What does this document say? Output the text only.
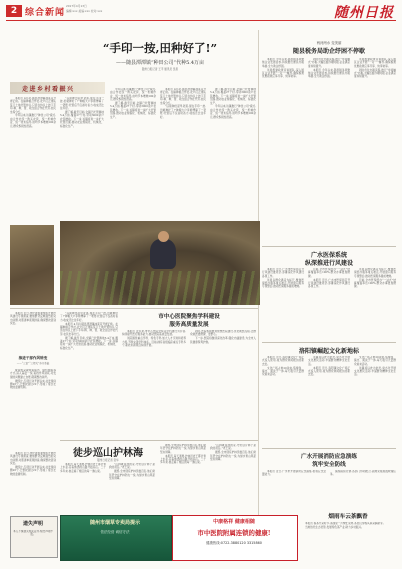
2 综合新闻
2017年4月13日
编辑:xxx 美编:xxx 校对:xxx	随州日报
“手印一按,田种好了!”
——随县潭潭镇“种田公司”代种5.4万亩
随州日报记者 王平 通讯员 吴思
走进乡村看振兴

本报讯 4月初,随县潭潭镇油菜花开得正艳。在镇种植合作社,农户们正排队签订土地托管协议,只需在协议上按下手印,耕、种、管、收全由合作社代劳,农民坐等分红。

今年以来,该镇推行“种田公司”模式,由合作社统一购买农资、统一机械作业、统一技术指导,亩均节本增效200余元,群众积极性很高。

“以前种田起早贪黑,现在手印一按,田就种好了!”种粮大户李师傅算了一笔账:托管后不仅省时省力,收成还比往年好。

据了解,截至目前,全镇已托管耕地5.4万亩,覆盖27个村,带动3000余户农民增收。下一步,该镇将进一步扩大托管范围,推动农业规模化、机械化、标准化生产。

今年以来,该镇推行“种田公司”模式,由合作社统一购买农资、统一机械作业、统一技术指导,亩均节本增效200余元,群众积极性很高。

据了解,截至目前,全镇已托管耕地5.4万亩,覆盖27个村,带动3000余户农民增收。下一步,该镇将进一步扩大托管范围,推动农业规模化、机械化、标准化生产。

本报讯 4月初,随县潭潭镇油菜花开得正艳。在镇种植合作社,农户们正排队签订土地托管协议,只需在协议上按下手印,耕、种、管、收全由合作社代劳,农民坐等分红。

“以前种田起早贪黑,现在手印一按,田就种好了!”种粮大户李师傅算了一笔账:托管后不仅省时省力,收成还比往年好。

据了解,截至目前,全镇已托管耕地5.4万亩,覆盖27个村,带动3000余户农民增收。下一步,该镇将进一步扩大托管范围,推动农业规模化、机械化、标准化生产。

今年以来,该镇推行“种田公司”模式,由合作社统一购买农资、统一机械作业、统一技术指导,亩均节本增效200余元,群众积极性很高。

本报讯 近日,市纪委监委组织开展作风建设专项督查,聚焦群众反映强烈的突出问题,对照清单逐项排查,确保整改落到实处。

推进干部作风转变
——“三查”“三把关”夯实基础

督查组采取明查暗访、随机抽查等方式,深入基层一线,查找作风顽疾,对发现的问题建立台账,限期整改销号。

据统计,专项行动开展以来,共发现问题26个,已整改到位22个,形成了常态长效的监督机制。

本报讯 近日,市纪委监委组织开展作风建设专项督查,聚焦群众反映强烈的突出问题,对照清单逐项排查,确保整改落到实处。

据统计,专项行动开展以来,共发现问题26个,已整改到位22个,形成了常态长效的监督机制。

“以前种田起早贪黑,现在手印一按,田就种好了!”种粮大户李师傅算了一笔账:托管后不仅省时省力,收成还比往年好。

本报讯 4月初,随县潭潭镇油菜花开得正艳。在镇种植合作社,农户们正排队签订土地托管协议,只需在协议上按下手印,耕、种、管、收全由合作社代劳,农民坐等分红。

据了解,截至目前,全镇已托管耕地5.4万亩,覆盖27个村,带动3000余户农民增收。下一步,该镇将进一步扩大托管范围,推动农业规模化、机械化、标准化生产。

市中心医院聚焦学科建设
服务高质量发展

本报讯 近年来,市中心医院坚持以学科建设为引领,持续提升医疗服务能力,推动医院高质量发展。

该院围绕重点学科、特色专科,加大人才引进和培养力度,不断完善学科体系。目前,拥有省级临床重点专科多个,新技术新项目持续开展。

同时,医院积极推进智慧医院建设,优化就医流程,让群众就医更便捷、更舒心。

下一步,医院将继续深化改革,强化内涵建设,为全市人民健康保驾护航。

徒步巡山护林海
随州日报记者 张华

本报讯 每天清晨,护林员老王都会背上水壶,沿着熟悉的山路开始巡山。二十多年来,他走遍了辖区的每一道山梁。

“山林就是我的家,守好这片林子是我的责任。”老王说。

据悉,全市现有护林员数百名,他们常年坚守在护林防火一线,为绿水青山筑起坚实屏障。

据悉,全市现有护林员数百名,他们常年坚守在护林防火一线,为绿水青山筑起坚实屏障。

本报讯 每天清晨,护林员老王都会背上水壶,沿着熟悉的山路开始巡山。二十多年来,他走遍了辖区的每一道山梁。

“山林就是我的家,守好这片林子是我的责任。”老王说。

据悉,全市现有护林员数百名,他们常年坚守在护林防火一线,为绿水青山筑起坚实屏障。

两河两水 变美丽
随县税务局助企纾困不停歇

本报讯 今年以来,随县税务局聚焦企业发展需求,持续推出便民办税举措,全力助企纾困。

该局组建政策宣讲团队,深入园区企业开展“一对一”辅导,确保税费优惠政策应享尽享、快享快享。

同时优化办税流程,推行“非接触式”办税,大幅压缩办理时限,企业满意度持续提升。

本报讯 今年以来,随县税务局聚焦企业发展需求,持续推出便民办税举措,全力助企纾困。

该局组建政策宣讲团队,深入园区企业开展“一对一”辅导,确保税费优惠政策应享尽享、快享快享。

同时优化办税流程,推行“非接触式”办税,大幅压缩办理时限,企业满意度持续提升。

广水医保系统
纵深推进行风建设

本报讯 近日,广水市医保局召开行风建设推进会,部署深化作风建设各项工作。

该局以群众满意为标尺,聚焦医保经办服务堵点难点,开展窗口服务专项整治,推动医保服务提质增效。

目前,全市医保经办“一站式”结算覆盖率达100%,群众办事更加便捷。

本报讯 近日,广水市医保局召开行风建设推进会,部署深化作风建设各项工作。

该局以群众满意为标尺,聚焦医保经办服务堵点难点,开展窗口服务专项整治,推动医保服务提质增效。

目前,全市医保经办“一站式”结算覆盖率达100%,群众办事更加便捷。

洛阳镇崛起文化新地标

本报讯 近日,洛阳镇文化广场正式投入使用,成为群众休闲娱乐的新去处。

文化广场占地20余亩,集健身、演出、阅读于一体,每天吸引大量群众前来活动。

该镇将以此为依托,常态化开展文化惠民活动,丰富群众精神文化生活。

本报讯 近日,洛阳镇文化广场正式投入使用,成为群众休闲娱乐的新去处。

文化广场占地20余亩,集健身、演出、阅读于一体,每天吸引大量群众前来活动。

该镇将以此为依托,常态化开展文化惠民活动,丰富群众精神文化生活。

广水开展消防应急演练
筑牢安全防线

本报讯 近日,广水市开展消防应急演练,检验应急处置能力。

演练模拟火情,各部门协同配合,高效完成疏散救援任务。

烟雨车云茶飘香

本报讯 春茶开采时节,茶园里一片繁忙景象,茶农们穿梭其间采摘新芽。

当地依托生态优势,发展特色茶产业,助力乡村振兴。

遗失声明
本人不慎遗失相关证件,特此声明作废。
随州市烟草专卖局提示
依法经营 诚信守法
中康格祥 健康相随
市中医院附属连锁的健康!
健康热线:0722-3880120 3315860
